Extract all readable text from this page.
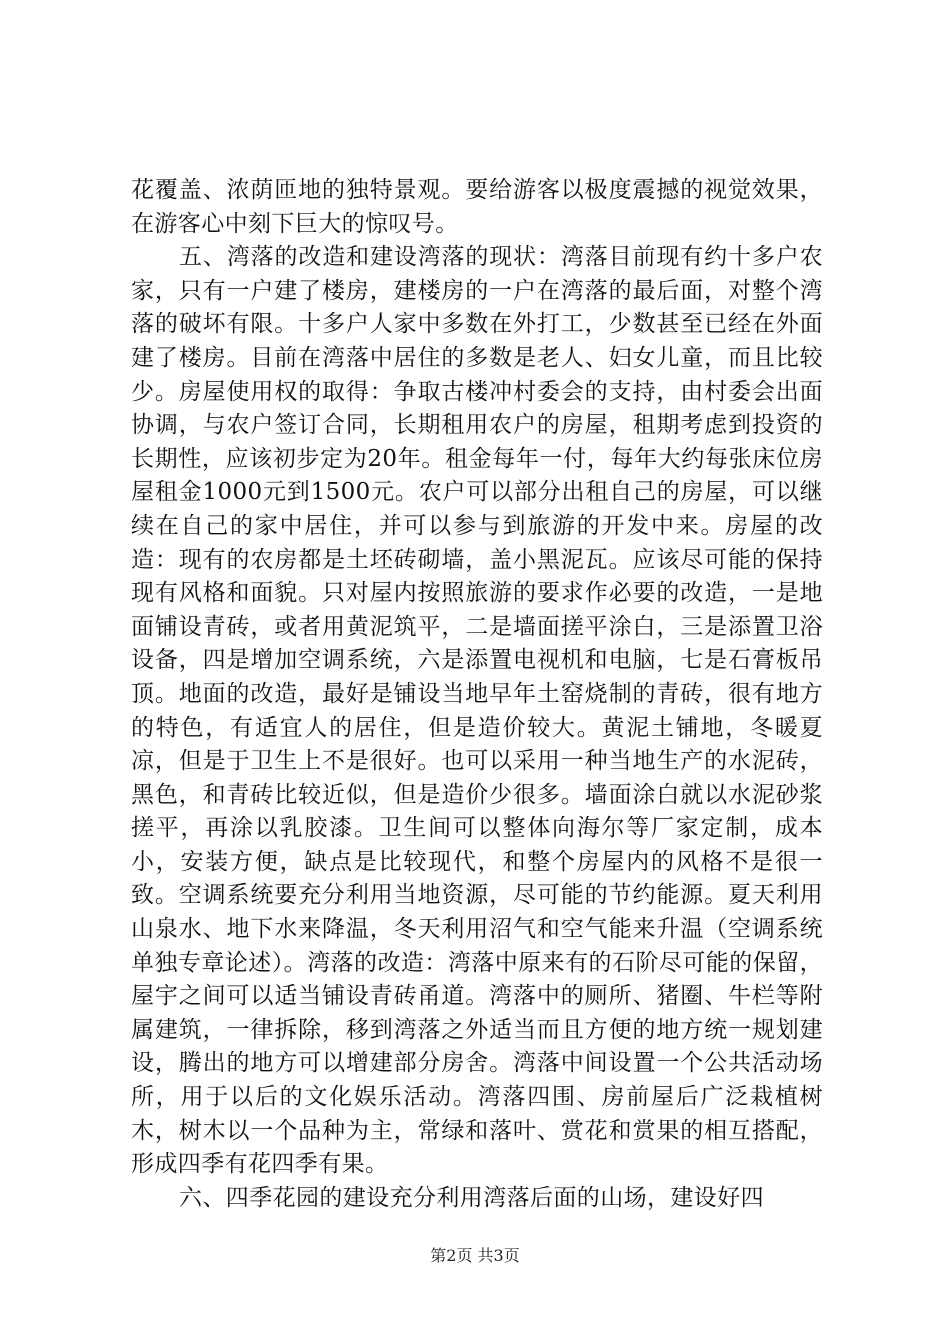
花覆盖、浓荫匝地的独特景观。要给游客以极度震撼的视觉效果，在游客心中刻下巨大的惊叹号。

五、湾落的改造和建设湾落的现状：湾落目前现有约十多户农家，只有一户建了楼房，建楼房的一户在湾落的最后面，对整个湾落的破坏有限。十多户人家中多数在外打工，少数甚至已经在外面建了楼房。目前在湾落中居住的多数是老人、妇女儿童，而且比较少。房屋使用权的取得：争取古楼冲村委会的支持，由村委会出面协调，与农户签订合同，长期租用农户的房屋，租期考虑到投资的长期性，应该初步定为20年。租金每年一付，每年大约每张床位房屋租金1000元到1500元。农户可以部分出租自己的房屋，可以继续在自己的家中居住，并可以参与到旅游的开发中来。房屋的改造：现有的农房都是土坯砖砌墙，盖小黑泥瓦。应该尽可能的保持现有风格和面貌。只对屋内按照旅游的要求作必要的改造，一是地面铺设青砖，或者用黄泥筑平，二是墙面搓平涂白，三是添置卫浴设备，四是增加空调系统，六是添置电视机和电脑，七是石膏板吊顶。地面的改造，最好是铺设当地早年土窑烧制的青砖，很有地方的特色，有适宜人的居住，但是造价较大。黄泥土铺地，冬暖夏凉，但是于卫生上不是很好。也可以采用一种当地生产的水泥砖，黑色，和青砖比较近似，但是造价少很多。墙面涂白就以水泥砂浆搓平，再涂以乳胶漆。卫生间可以整体向海尔等厂家定制，成本小，安装方便，缺点是比较现代，和整个房屋内的风格不是很一致。空调系统要充分利用当地资源，尽可能的节约能源。夏天利用山泉水、地下水来降温，冬天利用沼气和空气能来升温（空调系统单独专章论述）。湾落的改造：湾落中原来有的石阶尽可能的保留，屋宇之间可以适当铺设青砖甬道。湾落中的厕所、猪圈、牛栏等附属建筑，一律拆除，移到湾落之外适当而且方便的地方统一规划建设，腾出的地方可以增建部分房舍。湾落中间设置一个公共活动场所，用于以后的文化娱乐活动。湾落四围、房前屋后广泛栽植树木，树木以一个品种为主，常绿和落叶、赏花和赏果的相互搭配，形成四季有花四季有果。

六、四季花园的建设充分利用湾落后面的山场，建设好四

第2页 共3页
